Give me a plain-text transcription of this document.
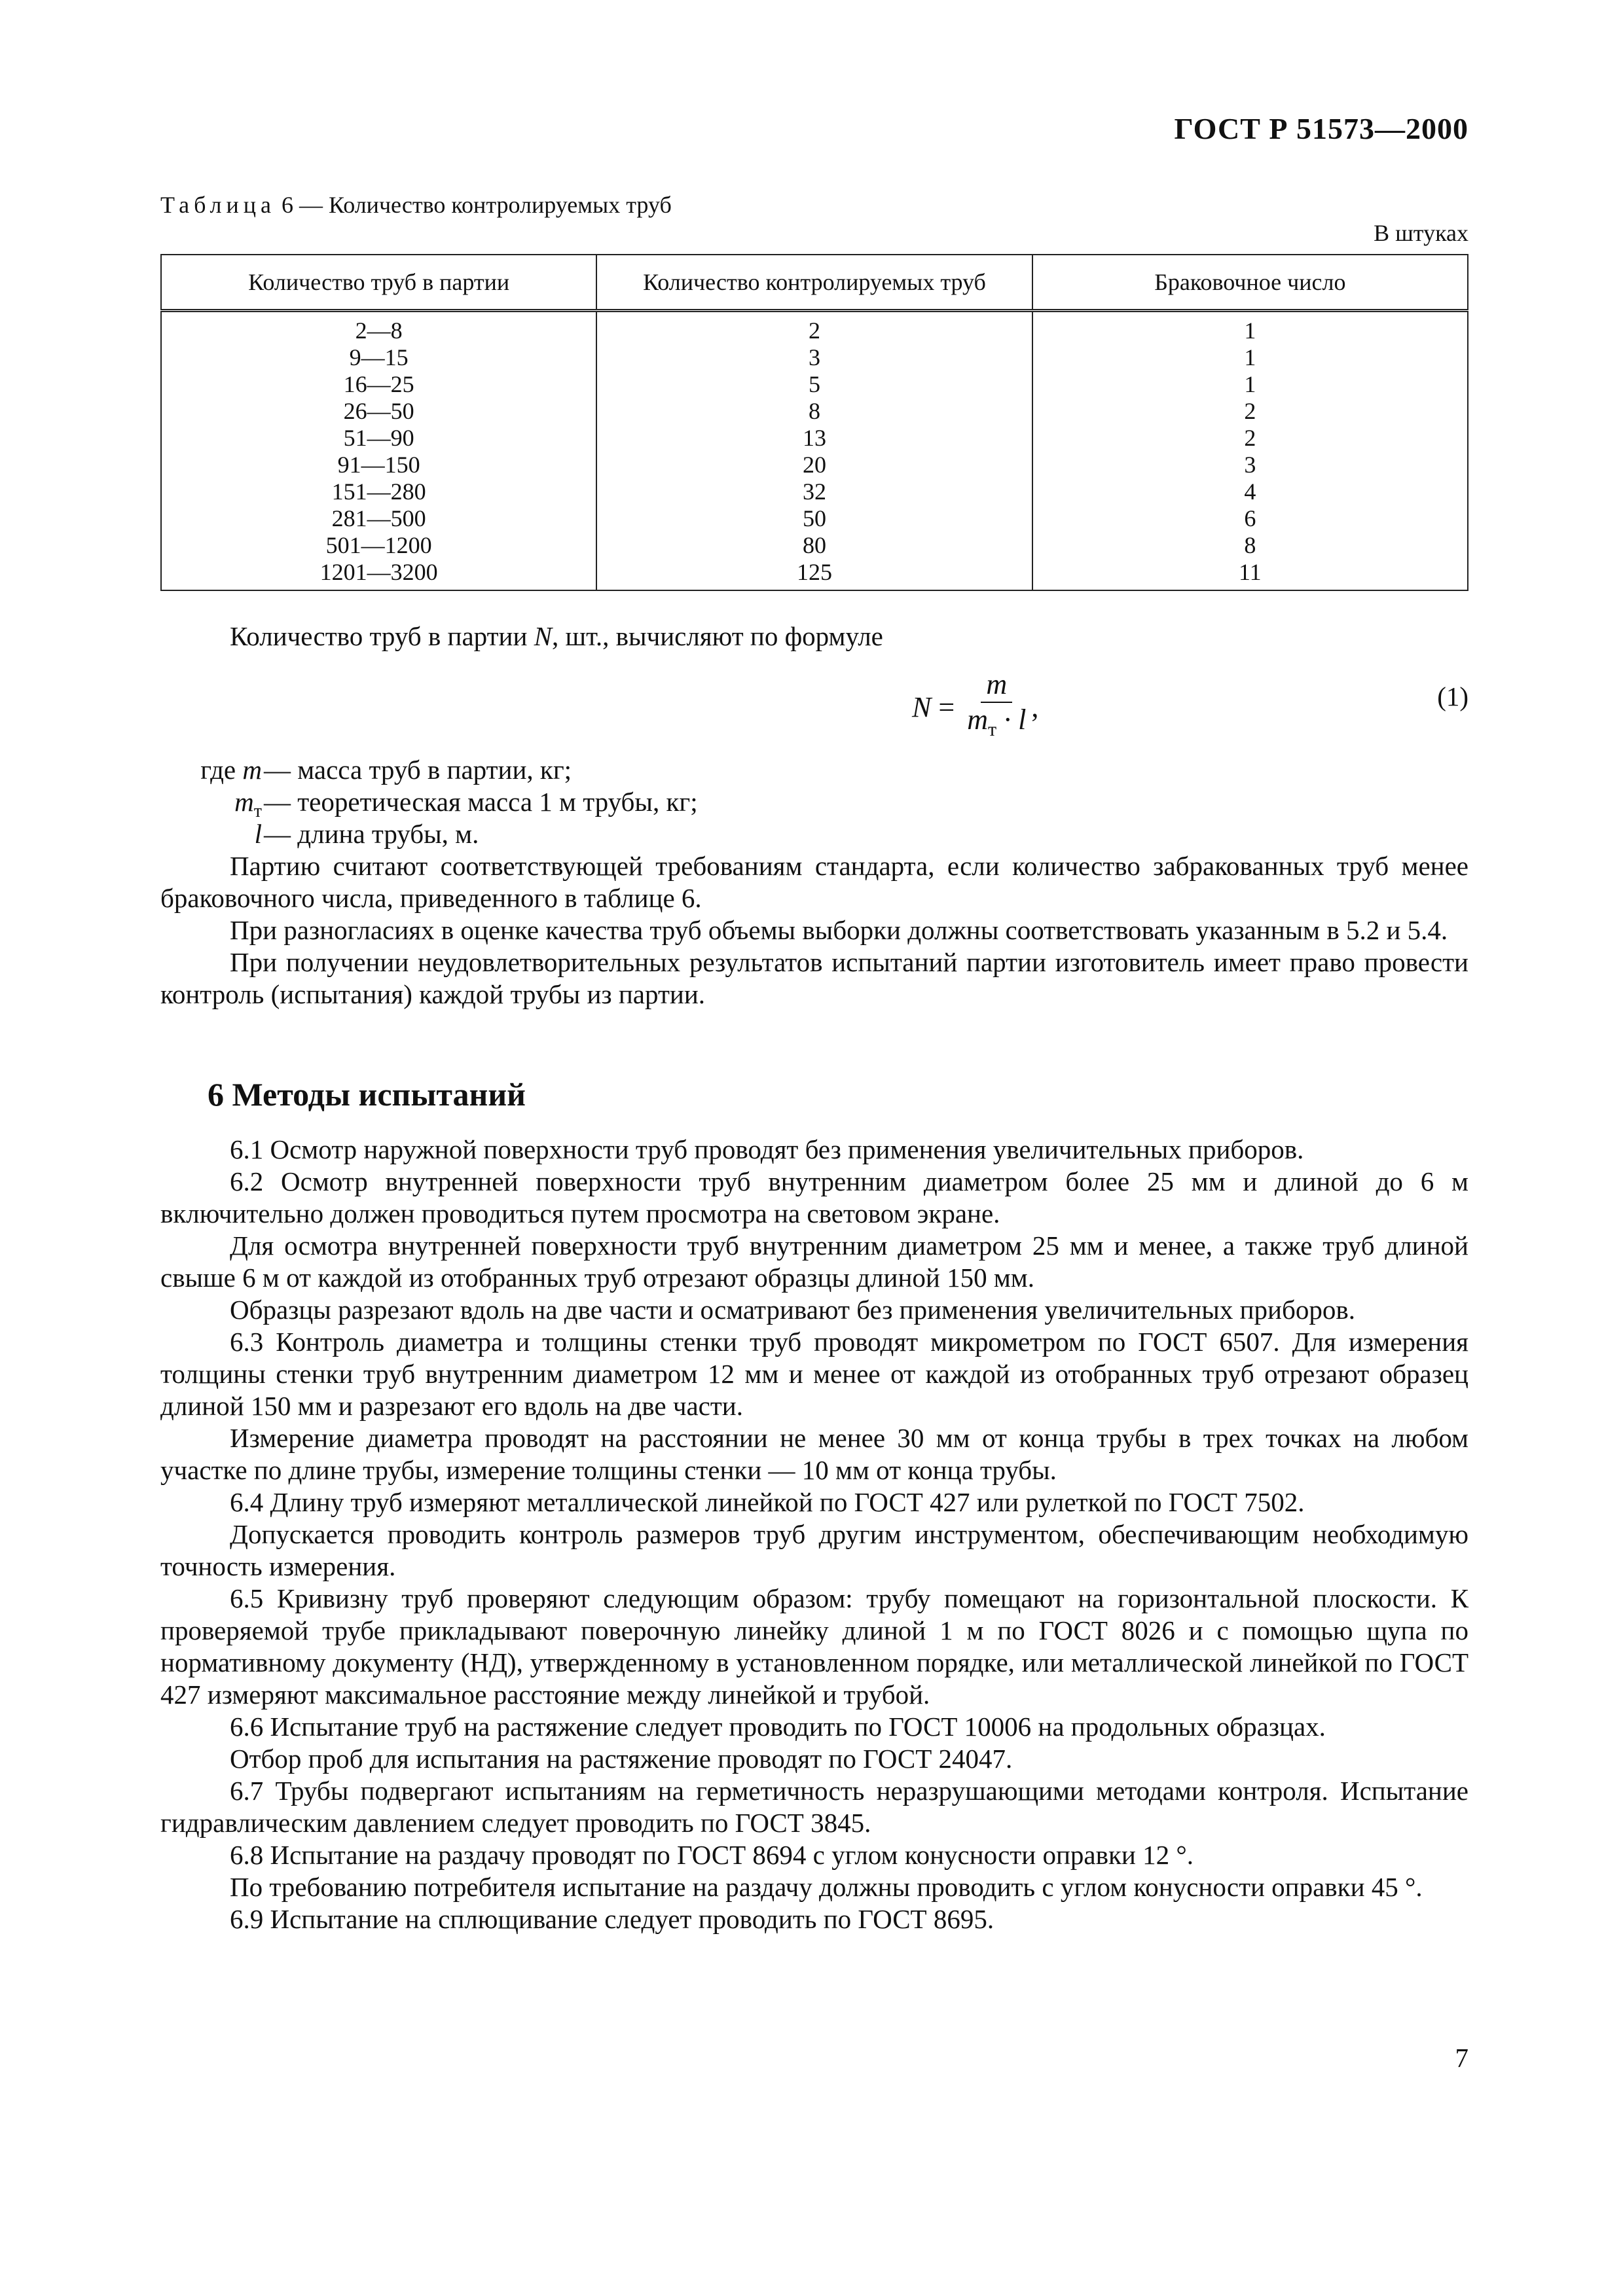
ГОСТ Р 51573—2000
Таблица 6 — Количество контролируемых труб
В штуках
Количество труб в партии	Количество контролируемых труб	Браковочное число

2—8	2	1

9—15	3	1

16—25	5	1

26—50	8	2

51—90	13	2

91—150	20	3

151—280	32	4

281—500	50	6

501—1200	80	8

1201—3200	125	11

Количество труб в партии N, шт., вычисляют по формуле

$N = \frac{m}{m_т \cdot l}$ ,	(1)
где m — масса труб в партии, кг;
$m_т$ — теоретическая масса 1 м трубы, кг;
l — длина трубы, м.

Партию считают соответствующей требованиям стандарта, если количество забракованных труб менее браковочного числа, приведенного в таблице 6.

При разногласиях в оценке качества труб объемы выборки должны соответствовать указанным в 5.2 и 5.4.

При получении неудовлетворительных результатов испытаний партии изготовитель имеет право провести контроль (испытания) каждой трубы из партии.

6 Методы испытаний

6.1 Осмотр наружной поверхности труб проводят без применения увеличительных приборов.

6.2 Осмотр внутренней поверхности труб внутренним диаметром более 25 мм и длиной до 6 м включительно должен проводиться путем просмотра на световом экране.

Для осмотра внутренней поверхности труб внутренним диаметром 25 мм и менее, а также труб длиной свыше 6 м от каждой из отобранных труб отрезают образцы длиной 150 мм.

Образцы разрезают вдоль на две части и осматривают без применения увеличительных приборов.

6.3 Контроль диаметра и толщины стенки труб проводят микрометром по ГОСТ 6507. Для измерения толщины стенки труб внутренним диаметром 12 мм и менее от каждой из отобранных труб отрезают образец длиной 150 мм и разрезают его вдоль на две части.

Измерение диаметра проводят на расстоянии не менее 30 мм от конца трубы в трех точках на любом участке по длине трубы, измерение толщины стенки — 10 мм от конца трубы.

6.4 Длину труб измеряют металлической линейкой по ГОСТ 427 или рулеткой по ГОСТ 7502.

Допускается проводить контроль размеров труб другим инструментом, обеспечивающим необходимую точность измерения.

6.5 Кривизну труб проверяют следующим образом: трубу помещают на горизонтальной плоскости. К проверяемой трубе прикладывают поверочную линейку длиной 1 м по ГОСТ 8026 и с помощью щупа по нормативному документу (НД), утвержденному в установленном порядке, или металлической линейкой по ГОСТ 427 измеряют максимальное расстояние между линейкой и трубой.

6.6 Испытание труб на растяжение следует проводить по ГОСТ 10006 на продольных образцах.

Отбор проб для испытания на растяжение проводят по ГОСТ 24047.

6.7 Трубы подвергают испытаниям на герметичность неразрушающими методами контроля. Испытание гидравлическим давлением следует проводить по ГОСТ 3845.

6.8 Испытание на раздачу проводят по ГОСТ 8694 с углом конусности оправки 12 °.

По требованию потребителя испытание на раздачу должны проводить с углом конусности оправки 45 °.

6.9 Испытание на сплющивание следует проводить по ГОСТ 8695.

7
